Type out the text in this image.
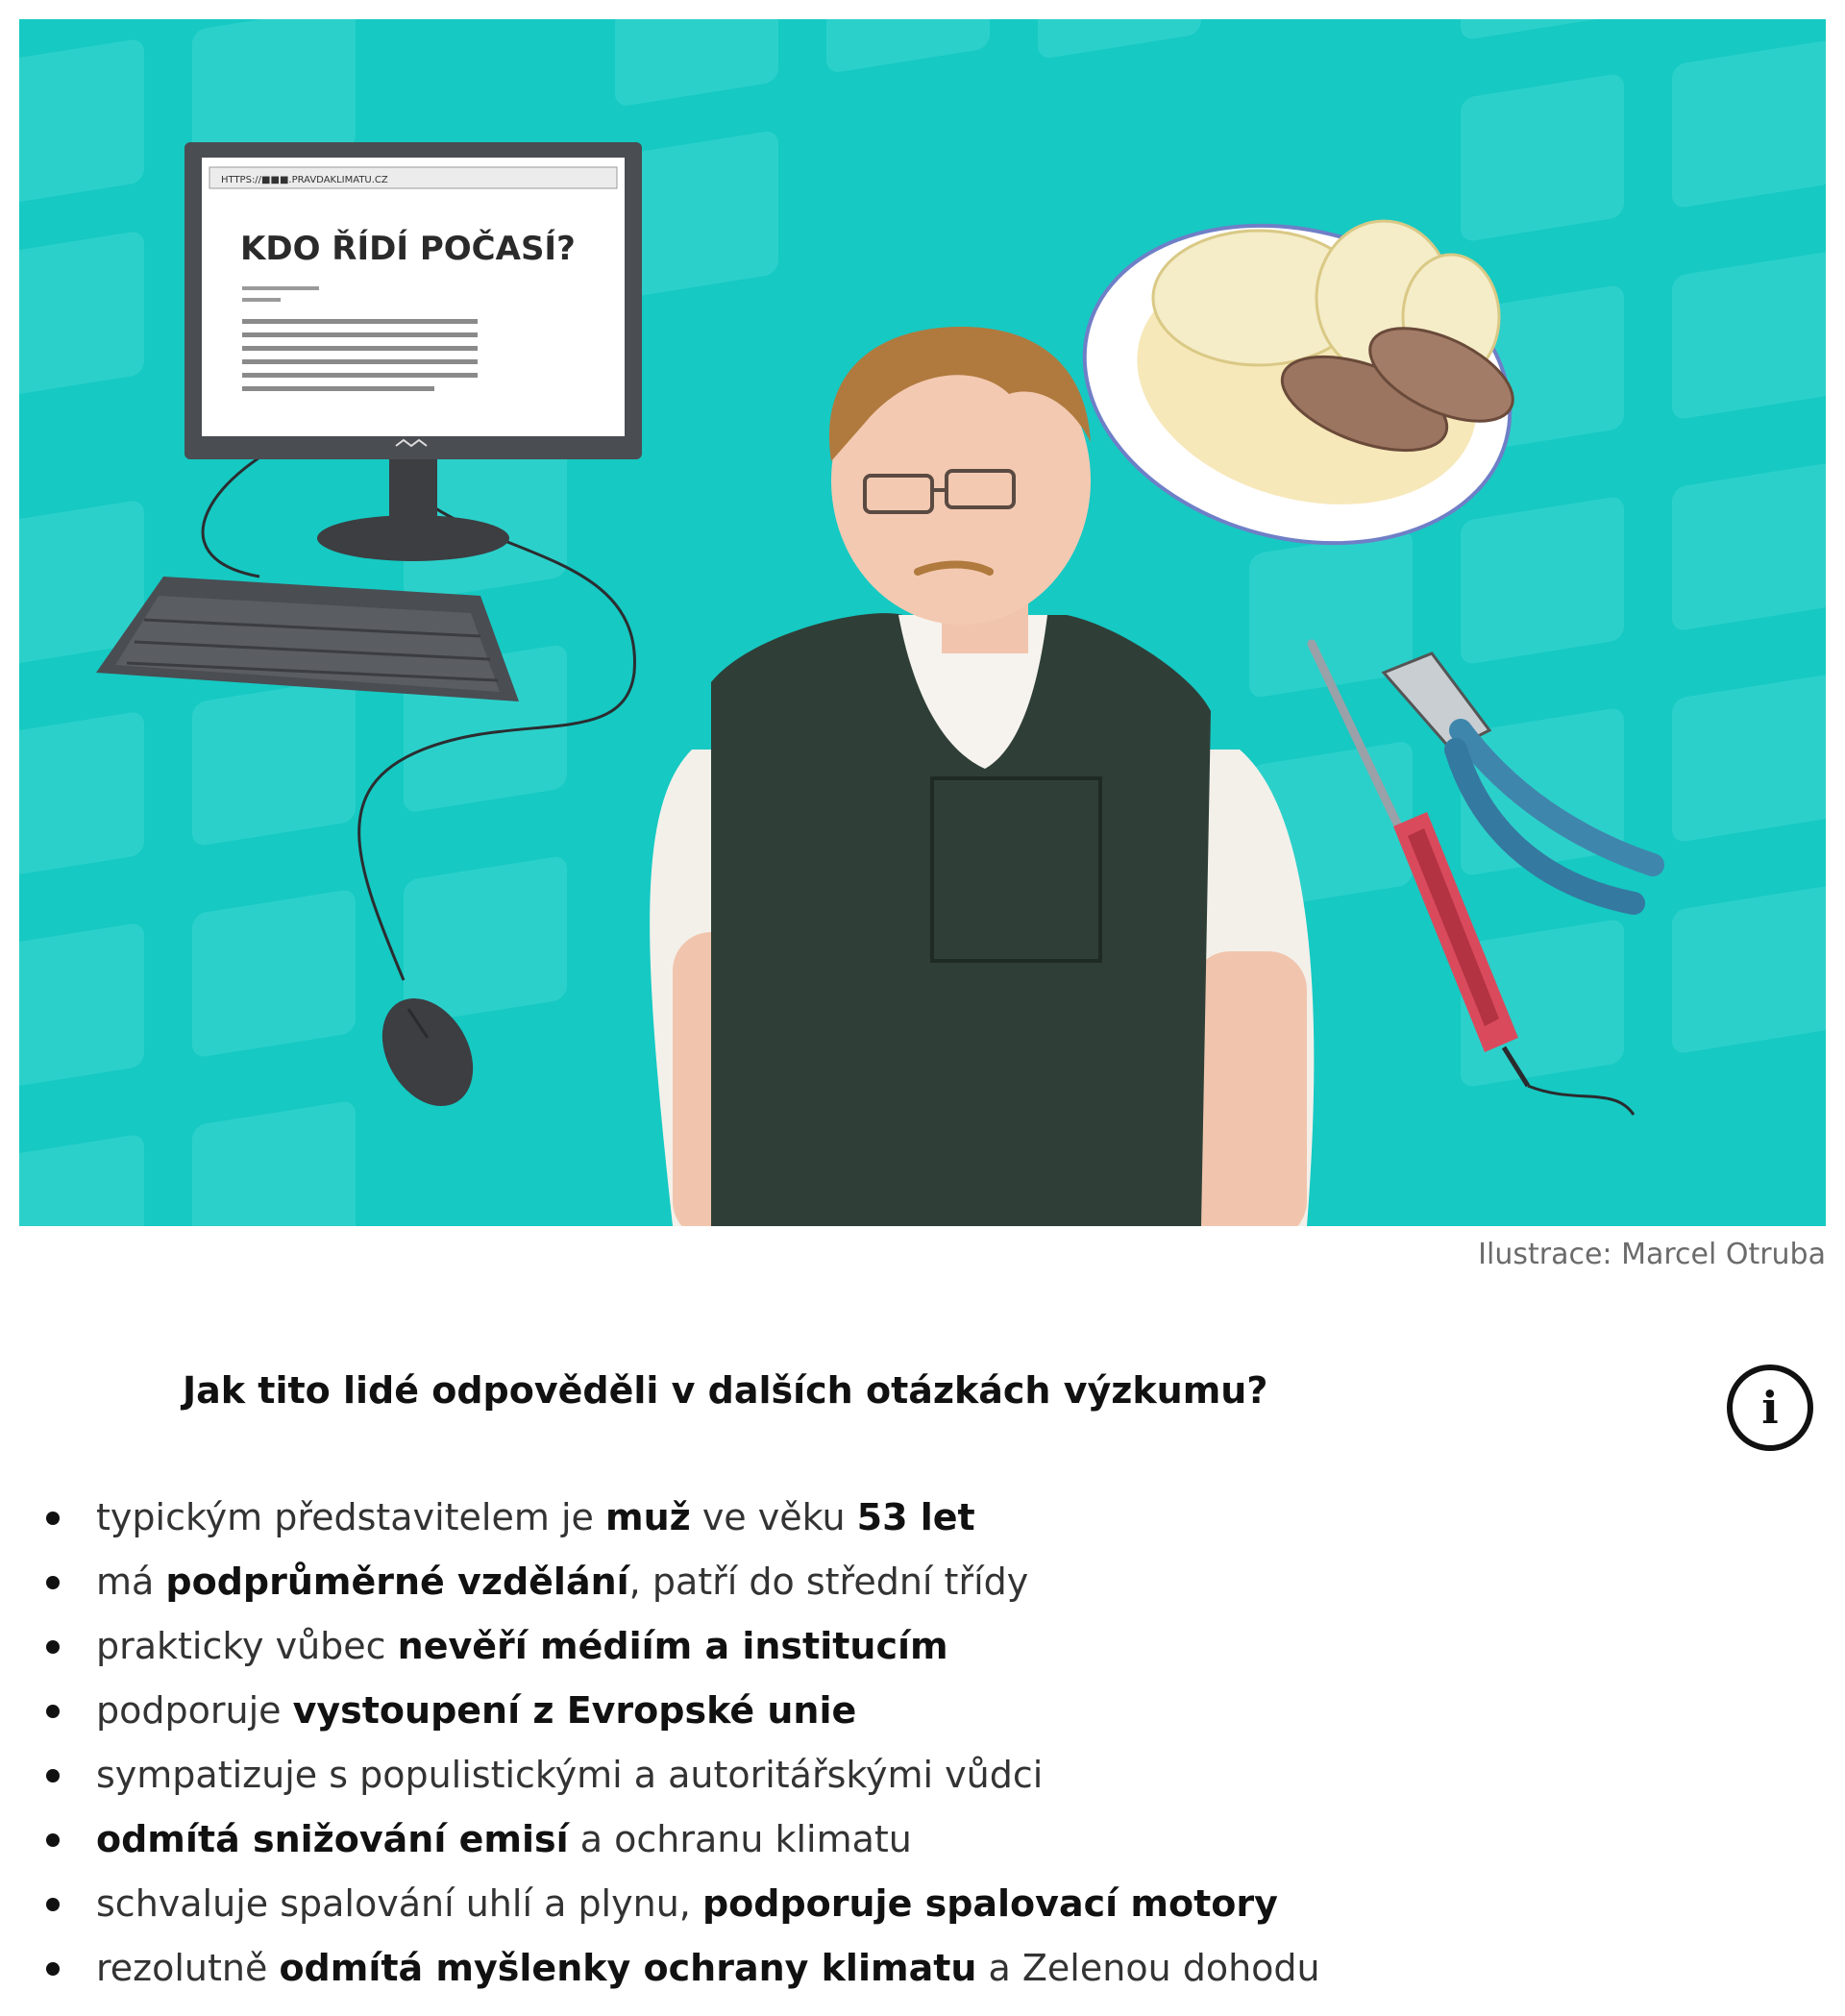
HTTPS://■■■.PRAVDAKLIMATU.CZ
KDO ŘÍDÍ POČASÍ?
Ilustrace: Marcel Otruba
Jak tito lidé odpověděli v dalších otázkách výzkumu?	i
typickým představitelem je muž ve věku 53 let
má podprůměrné vzdělání, patří do střední třídy
prakticky vůbec nevěří médiím a institucím
podporuje vystoupení z Evropské unie
sympatizuje s populistickými a autoritářskými vůdci
odmítá snižování emisí a ochranu klimatu
schvaluje spalování uhlí a plynu, podporuje spalovací motory
rezolutně odmítá myšlenky ochrany klimatu a Zelenou dohodu
